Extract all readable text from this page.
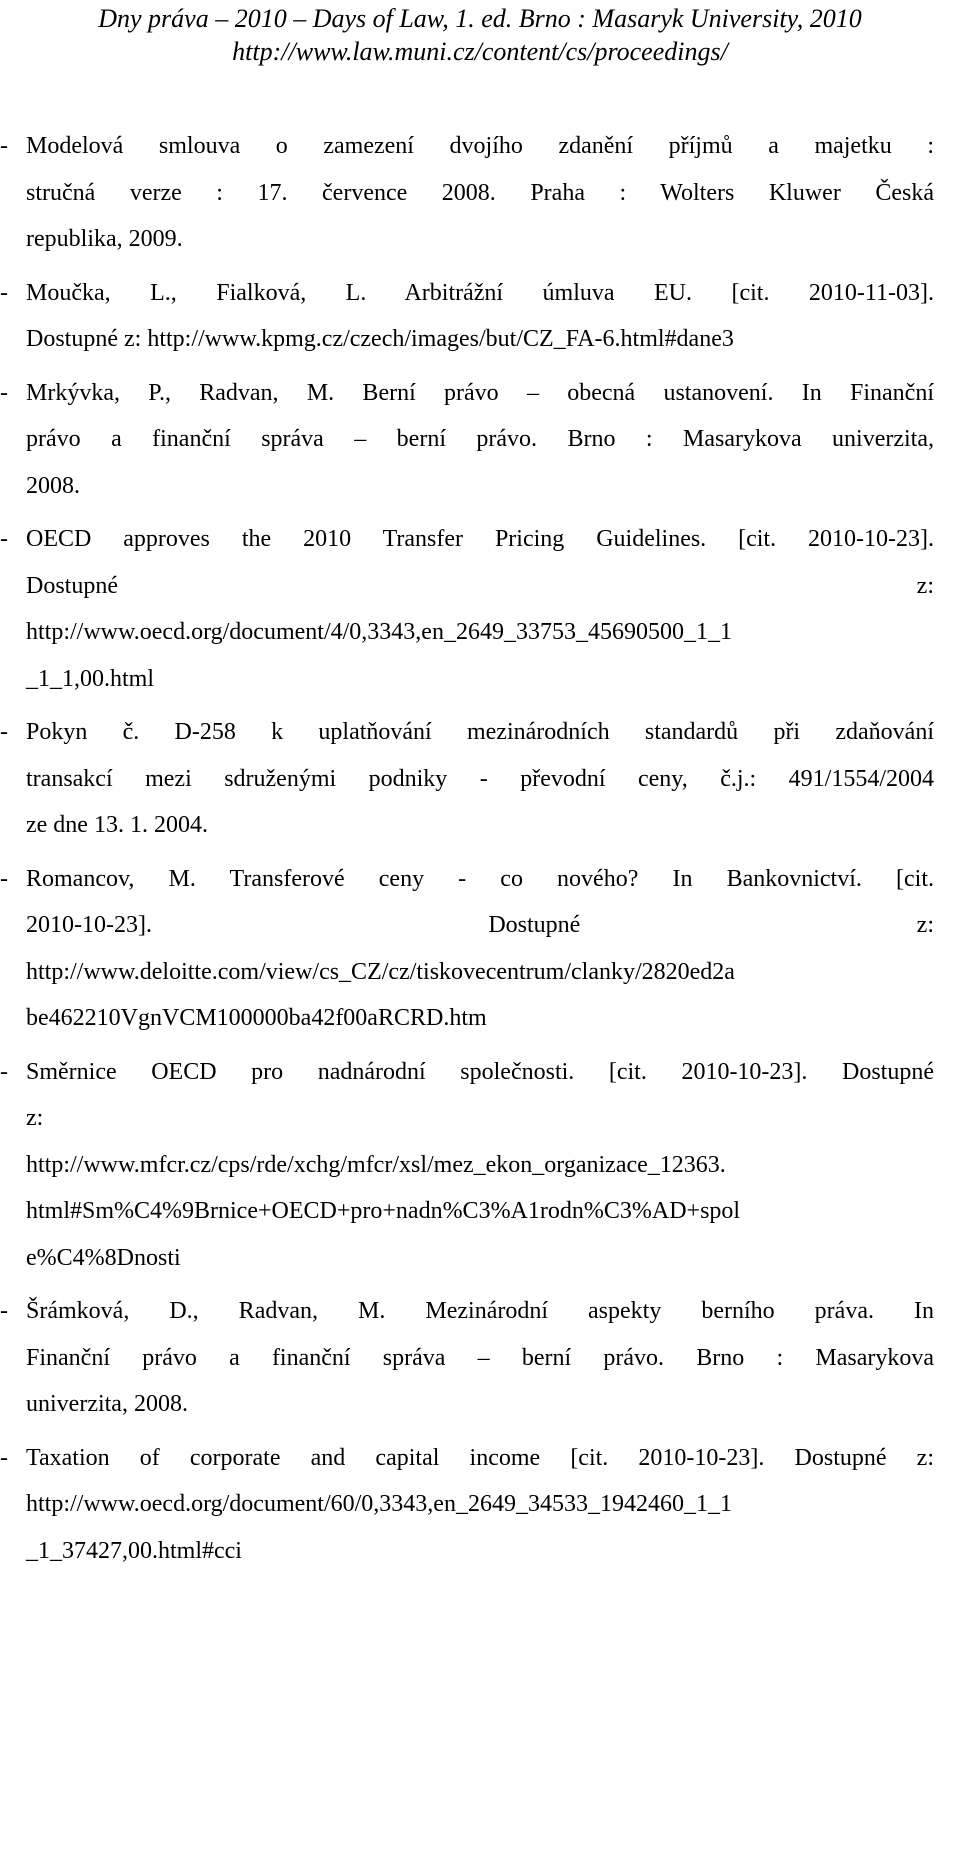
Dny práva – 2010 – Days of Law, 1. ed. Brno : Masaryk University, 2010
http://www.law.muni.cz/content/cs/proceedings/
- Modelová smlouva o zamezení dvojího zdanění příjmů a majetku :
stručná verze : 17. července 2008. Praha : Wolters Kluwer Česká
republika, 2009.
- Moučka, L., Fialková, L. Arbitrážní úmluva EU. [cit. 2010-11-03].
Dostupné z: http://www.kpmg.cz/czech/images/but/CZ_FA-6.html#dane3
- Mrkývka, P., Radvan, M. Berní právo – obecná ustanovení. In Finanční
právo a finanční správa – berní právo. Brno : Masarykova univerzita,
2008.
- OECD approves the 2010 Transfer Pricing Guidelines. [cit. 2010-10-23].
Dostupné z:
http://www.oecd.org/document/4/0,3343,en_2649_33753_45690500_1_1
_1_1,00.html
- Pokyn č. D-258 k uplatňování mezinárodních standardů při zdaňování
transakcí mezi sdruženými podniky - převodní ceny, č.j.: 491/1554/2004
ze dne 13. 1. 2004.
- Romancov, M. Transferové ceny - co nového? In Bankovnictví. [cit.
2010-10-23]. Dostupné z:
http://www.deloitte.com/view/cs_CZ/cz/tiskovecentrum/clanky/2820ed2a
be462210VgnVCM100000ba42f00aRCRD.htm
- Směrnice OECD pro nadnárodní společnosti. [cit. 2010-10-23]. Dostupné
z:
http://www.mfcr.cz/cps/rde/xchg/mfcr/xsl/mez_ekon_organizace_12363.
html#Sm%C4%9Brnice+OECD+pro+nadn%C3%A1rodn%C3%AD+spol
e%C4%8Dnosti
- Šrámková, D., Radvan, M. Mezinárodní aspekty berního práva. In
Finanční právo a finanční správa – berní právo. Brno : Masarykova
univerzita, 2008.
- Taxation of corporate and capital income [cit. 2010-10-23]. Dostupné z:
http://www.oecd.org/document/60/0,3343,en_2649_34533_1942460_1_1
_1_37427,00.html#cci
